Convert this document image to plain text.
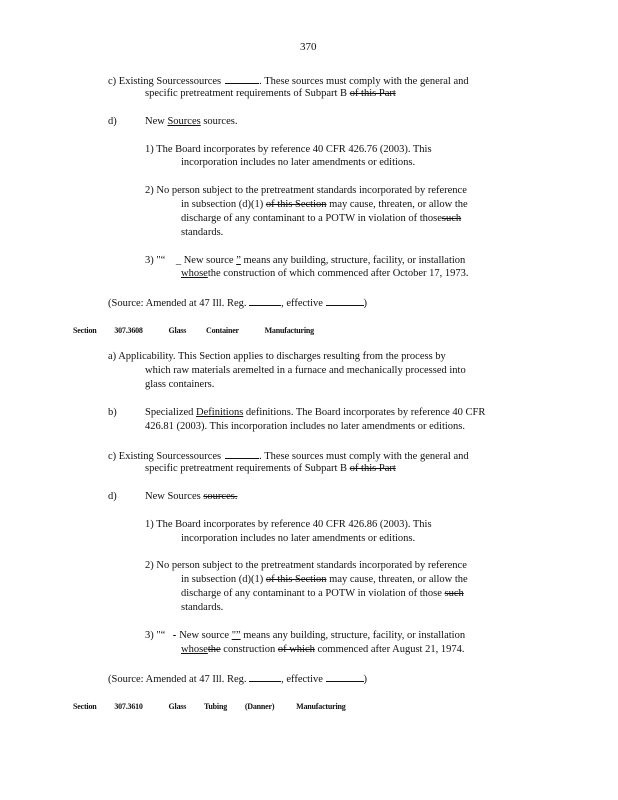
370
c) Existing Sourcessources	. These sources must comply with the general and
specific pretreatment requirements of Subpart B of this Part
d)	New Sources sources.
1) The Board incorporates by reference 40 CFR 426.76 (2003). This
incorporation includes no later amendments or editions.
2) No person subject to the pretreatment standards incorporated by reference
in subsection (d)(1) of this Section may cause, threaten, or allow the
discharge of any contaminant to a POTW in violation of thosesuch
standards.
3) "“ _ New source ” means any building, structure, facility, or installation
whosethe construction of which commenced after October 17, 1973.
(Source: Amended at 47 Ill. Reg.	, effective	)
Section 307.3608	Glass Container	Manufacturing
a) Applicability. This Section applies to discharges resulting from the process by
which raw materials aremelted in a furnace and mechanically processed into
glass containers.
b)	Specialized Definitions definitions. The Board incorporates by reference 40 CFR
426.81 (2003). This incorporation includes no later amendments or editions.
c) Existing Sourcessources	. These sources must comply with the general and
specific pretreatment requirements of Subpart B of this Part
d)	New Sources sources.
1) The Board incorporates by reference 40 CFR 426.86 (2003). This
incorporation includes no later amendments or editions.
2) No person subject to the pretreatment standards incorporated by reference
in subsection (d)(1) of this Section may cause, threaten, or allow the
discharge of any contaminant to a POTW in violation of those such
standards.
3) "“ New source "” means any building, structure, facility, or installation
whosethe construction of which commenced after August 21, 1974.
(Source: Amended at 47 Ill. Reg.	, effective	)
Section 307.3610	Glass Tubing (Danner)	Manufacturing
